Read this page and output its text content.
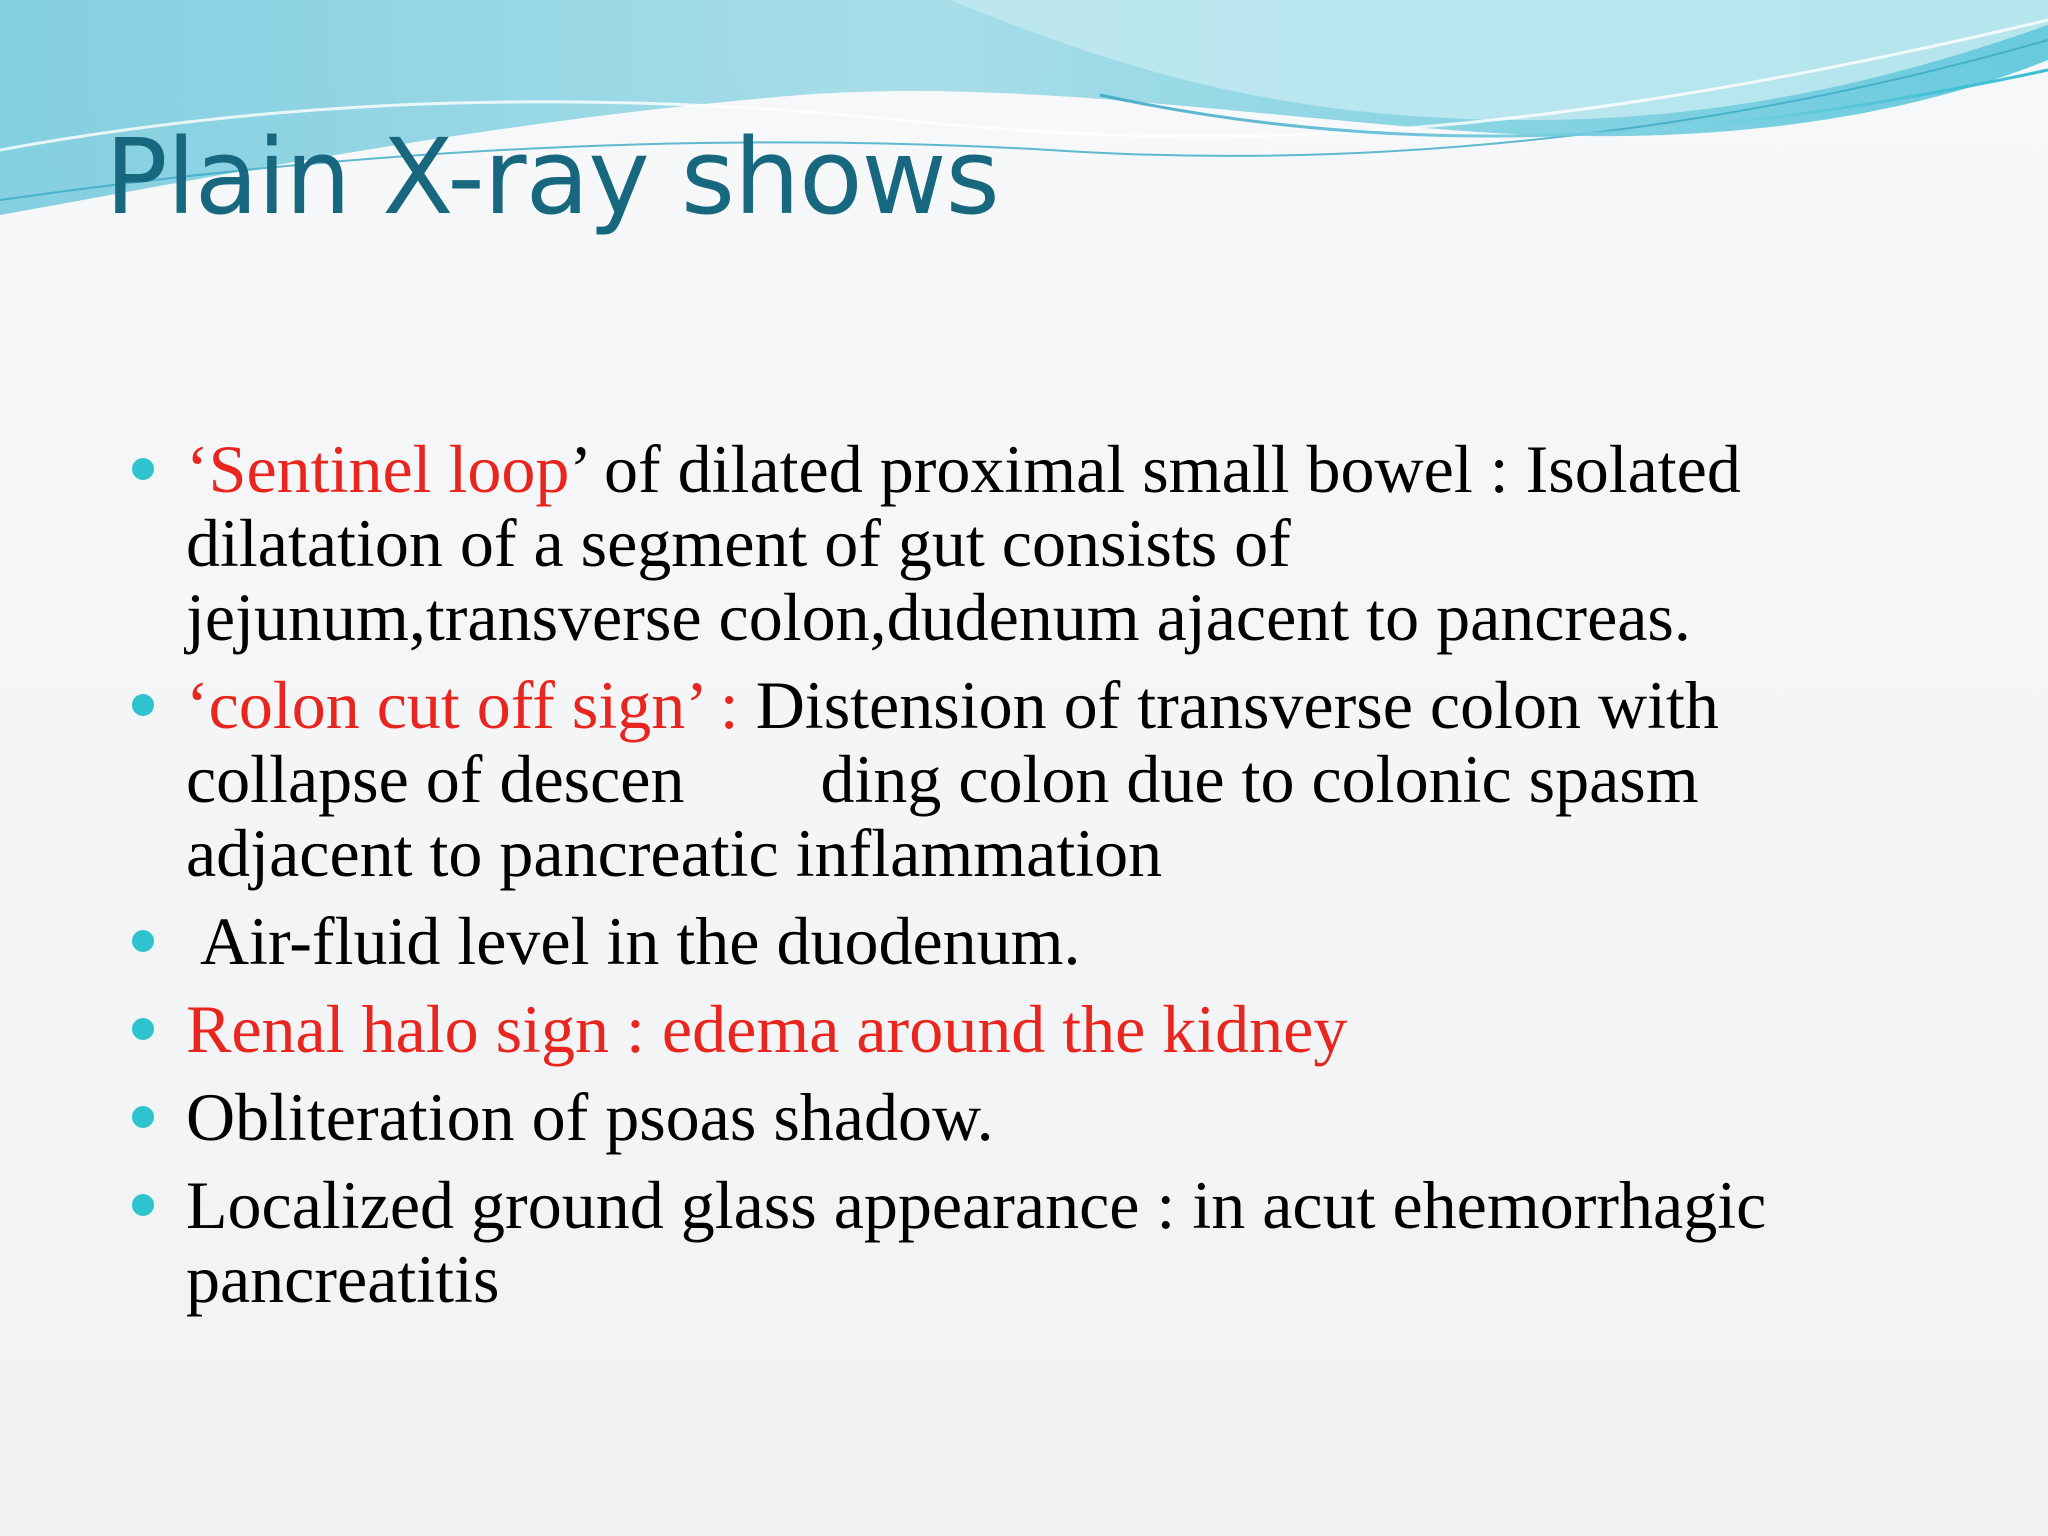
Plain X-ray shows
‘Sentinel loop’ of dilated proximal small bowel : Isolated
dilatation of a segment of gut consists of
jejunum,transverse colon,dudenum ajacent to pancreas.
‘colon cut off sign’ : Distension of transverse colon with
collapse of descen ding colon due to colonic spasm
adjacent to pancreatic inflammation
Air-fluid level in the duodenum.
Renal halo sign : edema around the kidney
Obliteration of psoas shadow.
Localized ground glass appearance : in acut ehemorrhagic
pancreatitis
